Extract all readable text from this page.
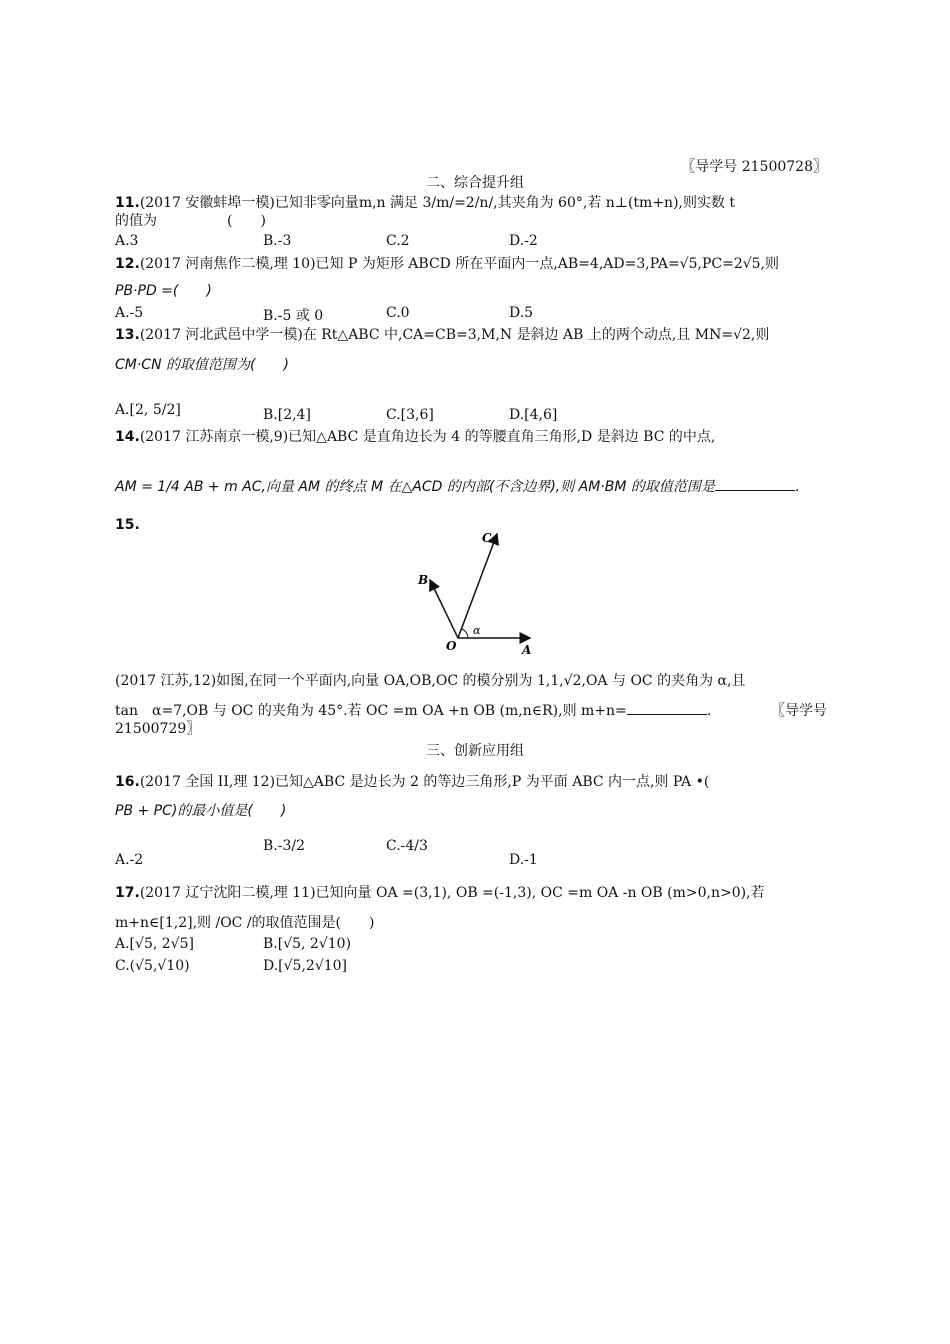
〖导学号 21500728〗
二、综合提升组
11.(2017 安徽蚌埠一模)已知非零向量m,n 满足 3/m/=2/n/,其夹角为 60°,若 n⊥(tm+n),则实数 t
的值为　　　　　(　　)
A.3	B.-3	C.2	D.-2
12.(2017 河南焦作二模,理 10)已知 P 为矩形 ABCD 所在平面内一点,AB=4,AD=3,PA=√5,PC=2√5,则
PB·PD =(　　)
A.-5	B.-5 或 0	C.0	D.5
13.(2017 河北武邑中学一模)在 Rt△ABC 中,CA=CB=3,M,N 是斜边 AB 上的两个动点,且 MN=√2,则
CM·CN 的取值范围为(　　)
A.[2, 5/2]	B.[2,4]	C.[3,6]	D.[4,6]
14.(2017 江苏南京一模,9)已知△ABC 是直角边长为 4 的等腰直角三角形,D 是斜边 BC 的中点,
AM = 1/4 AB + m AC,向量 AM 的终点 M 在△ACD 的内部(不含边界),则 AM·BM 的取值范围是	.
15.
A
B
C
O
α
(2017 江苏,12)如图,在同一个平面内,向量 OA,OB,OC 的模分别为 1,1,√2,OA 与 OC 的夹角为 α,且
tan　α=7,OB 与 OC 的夹角为 45°.若 OC =m OA +n OB (m,n∈R),则 m+n=	.	〖导学号
21500729〗
三、创新应用组
16.(2017 全国 II,理 12)已知△ABC 是边长为 2 的等边三角形,P 为平面 ABC 内一点,则 PA •(
PB + PC)的最小值是(　　)
A.-2
B.-3/2	C.-4/3
D.-1
17.(2017 辽宁沈阳二模,理 11)已知向量 OA =(3,1), OB =(-1,3), OC =m OA -n OB (m>0,n>0),若
m+n∈[1,2],则 /OC /的取值范围是(　　)
A.[√5, 2√5]	B.[√5, 2√10)
C.(√5,√10)	D.[√5,2√10]
